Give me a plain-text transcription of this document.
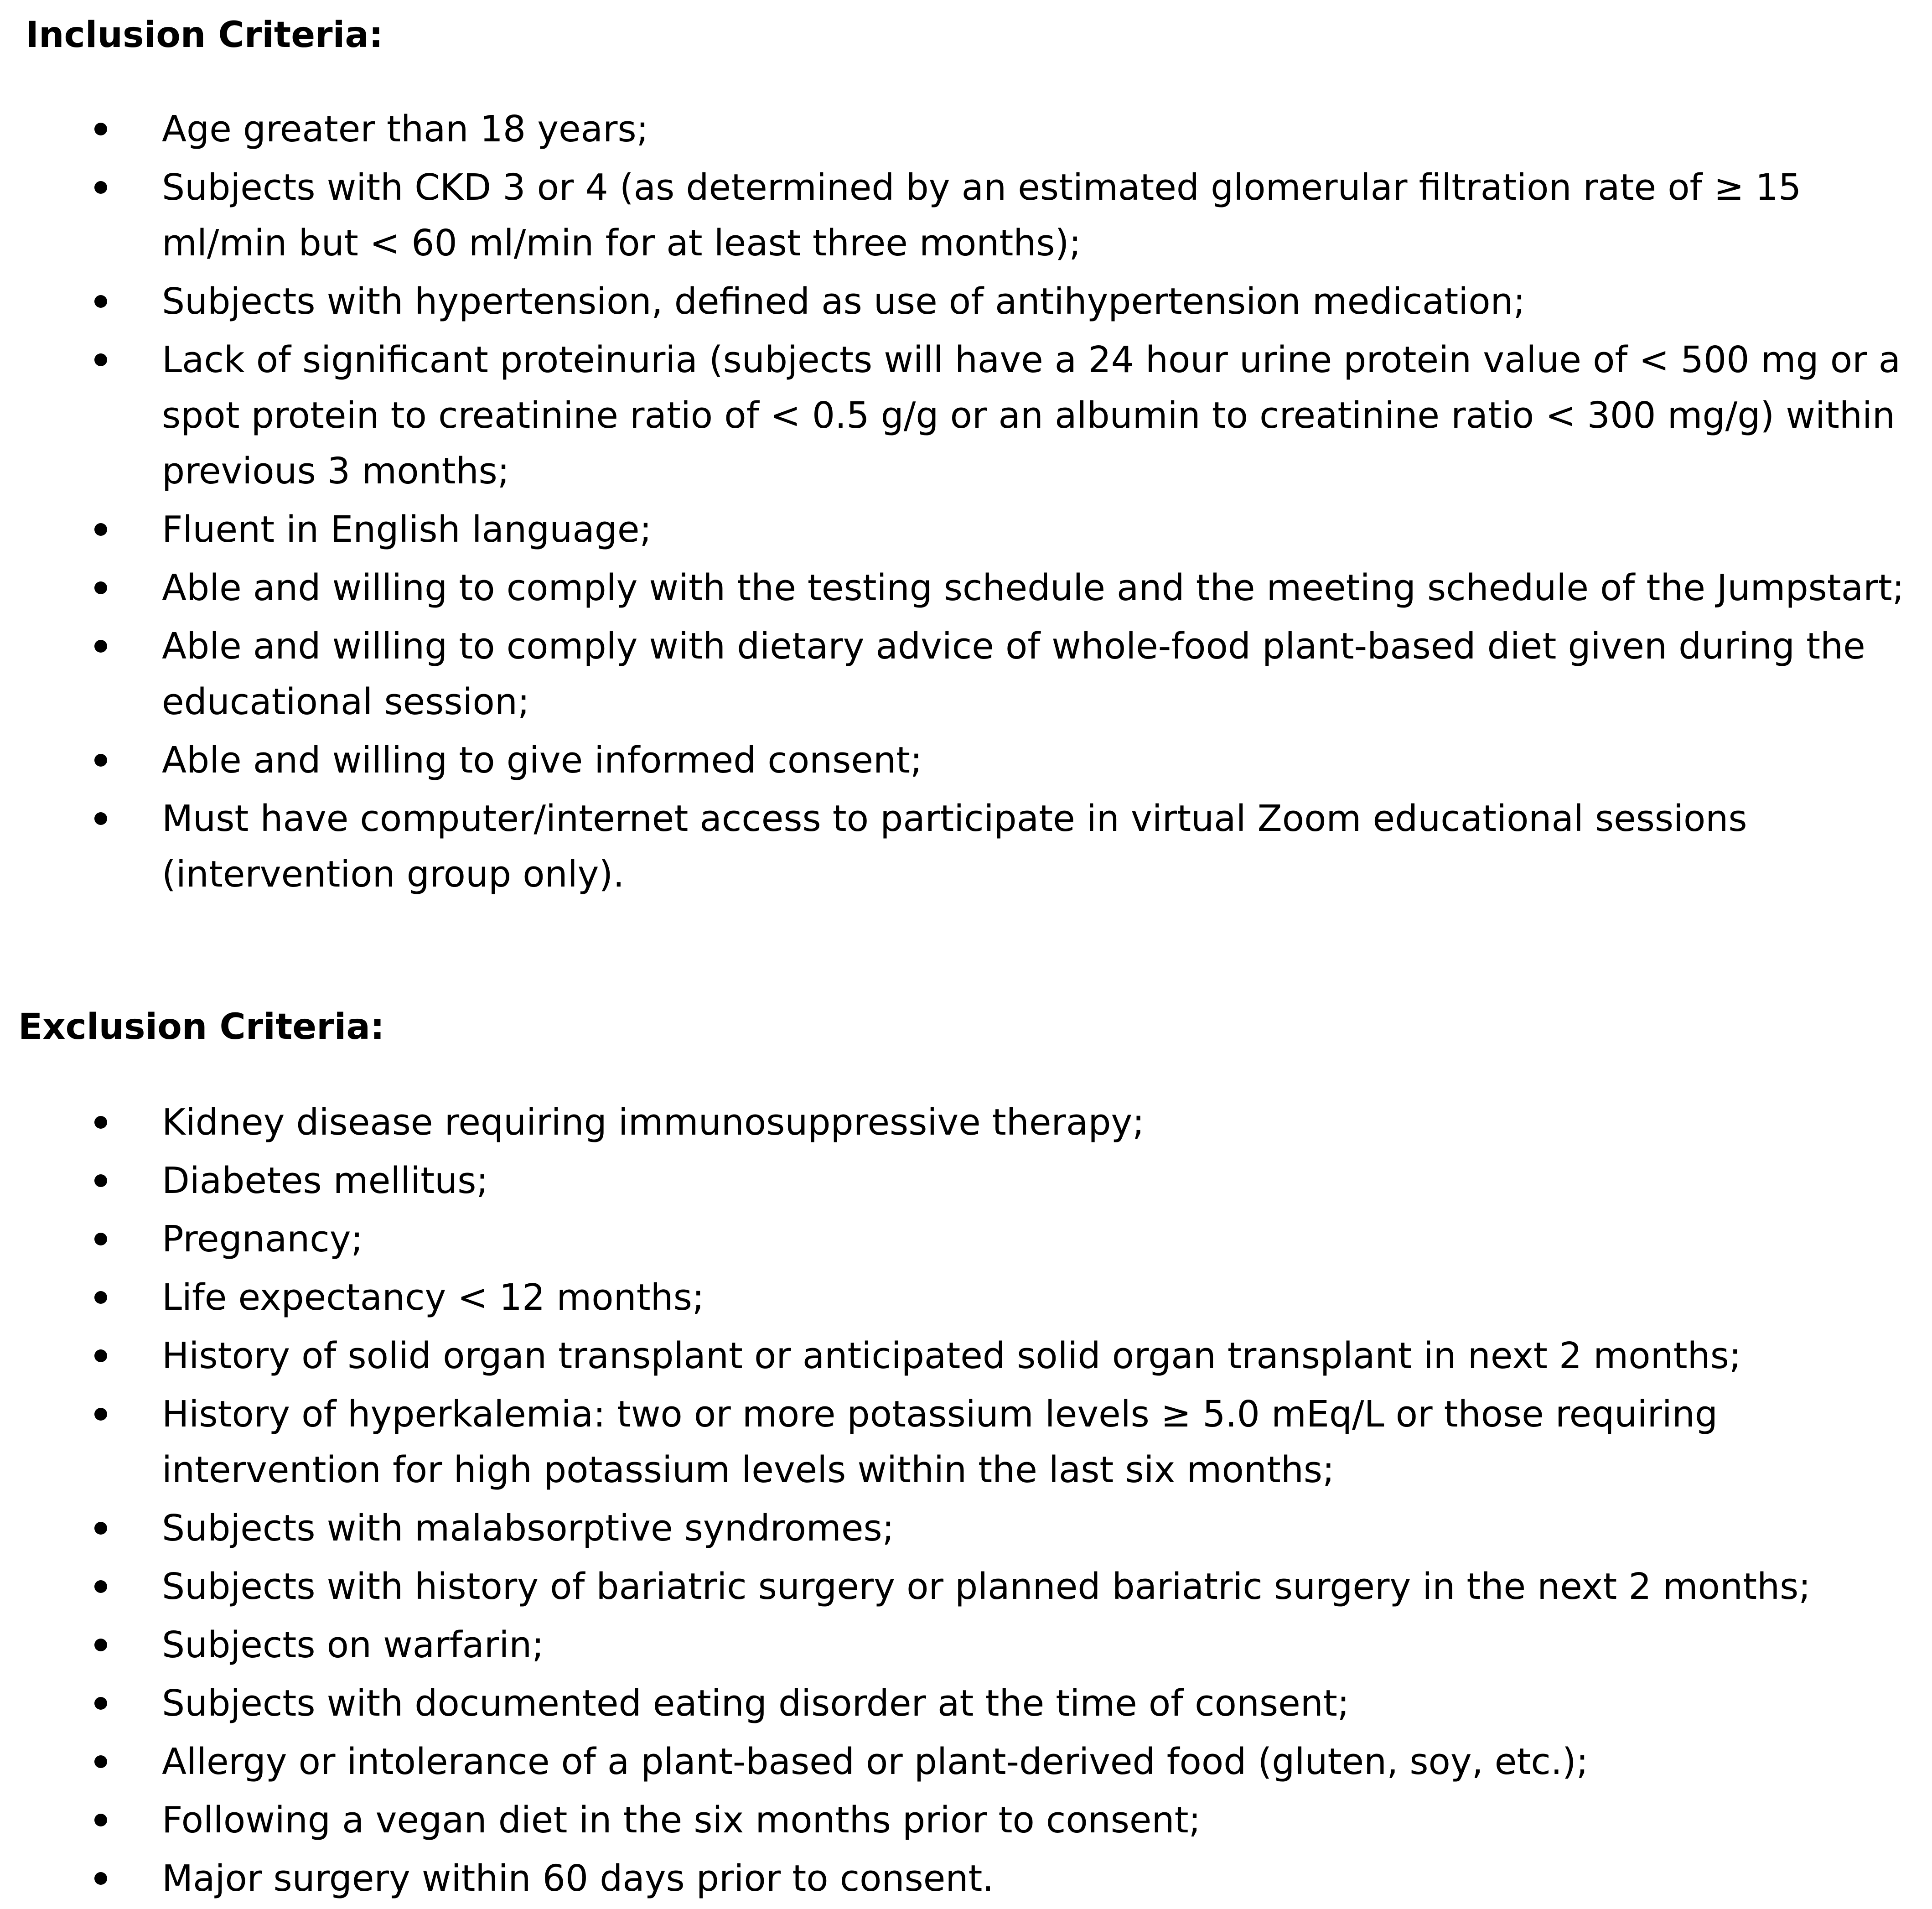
Inclusion Criteria:
Age greater than 18 years;
Subjects with CKD 3 or 4 (as determined by an estimated glomerular filtration rate of ≥ 15 ml/min but < 60 ml/min for at least three months);
Subjects with hypertension, defined as use of antihypertension medication;
Lack of significant proteinuria (subjects will have a 24 hour urine protein value of < 500 mg or a spot protein to creatinine ratio of < 0.5 g/g or an albumin to creatinine ratio < 300 mg/g) within previous 3 months;
Fluent in English language;
Able and willing to comply with the testing schedule and the meeting schedule of the Jumpstart;
Able and willing to comply with dietary advice of whole-food plant-based diet given during the educational session;
Able and willing to give informed consent;
Must have computer/internet access to participate in virtual Zoom educational sessions (intervention group only).
Exclusion Criteria:
Kidney disease requiring immunosuppressive therapy;
Diabetes mellitus;
Pregnancy;
Life expectancy < 12 months;
History of solid organ transplant or anticipated solid organ transplant in next 2 months;
History of hyperkalemia: two or more potassium levels ≥ 5.0 mEq/L or those requiring intervention for high potassium levels within the last six months;
Subjects with malabsorptive syndromes;
Subjects with history of bariatric surgery or planned bariatric surgery in the next 2 months;
Subjects on warfarin;
Subjects with documented eating disorder at the time of consent;
Allergy or intolerance of a plant-based or plant-derived food (gluten, soy, etc.);
Following a vegan diet in the six months prior to consent;
Major surgery within 60 days prior to consent.
